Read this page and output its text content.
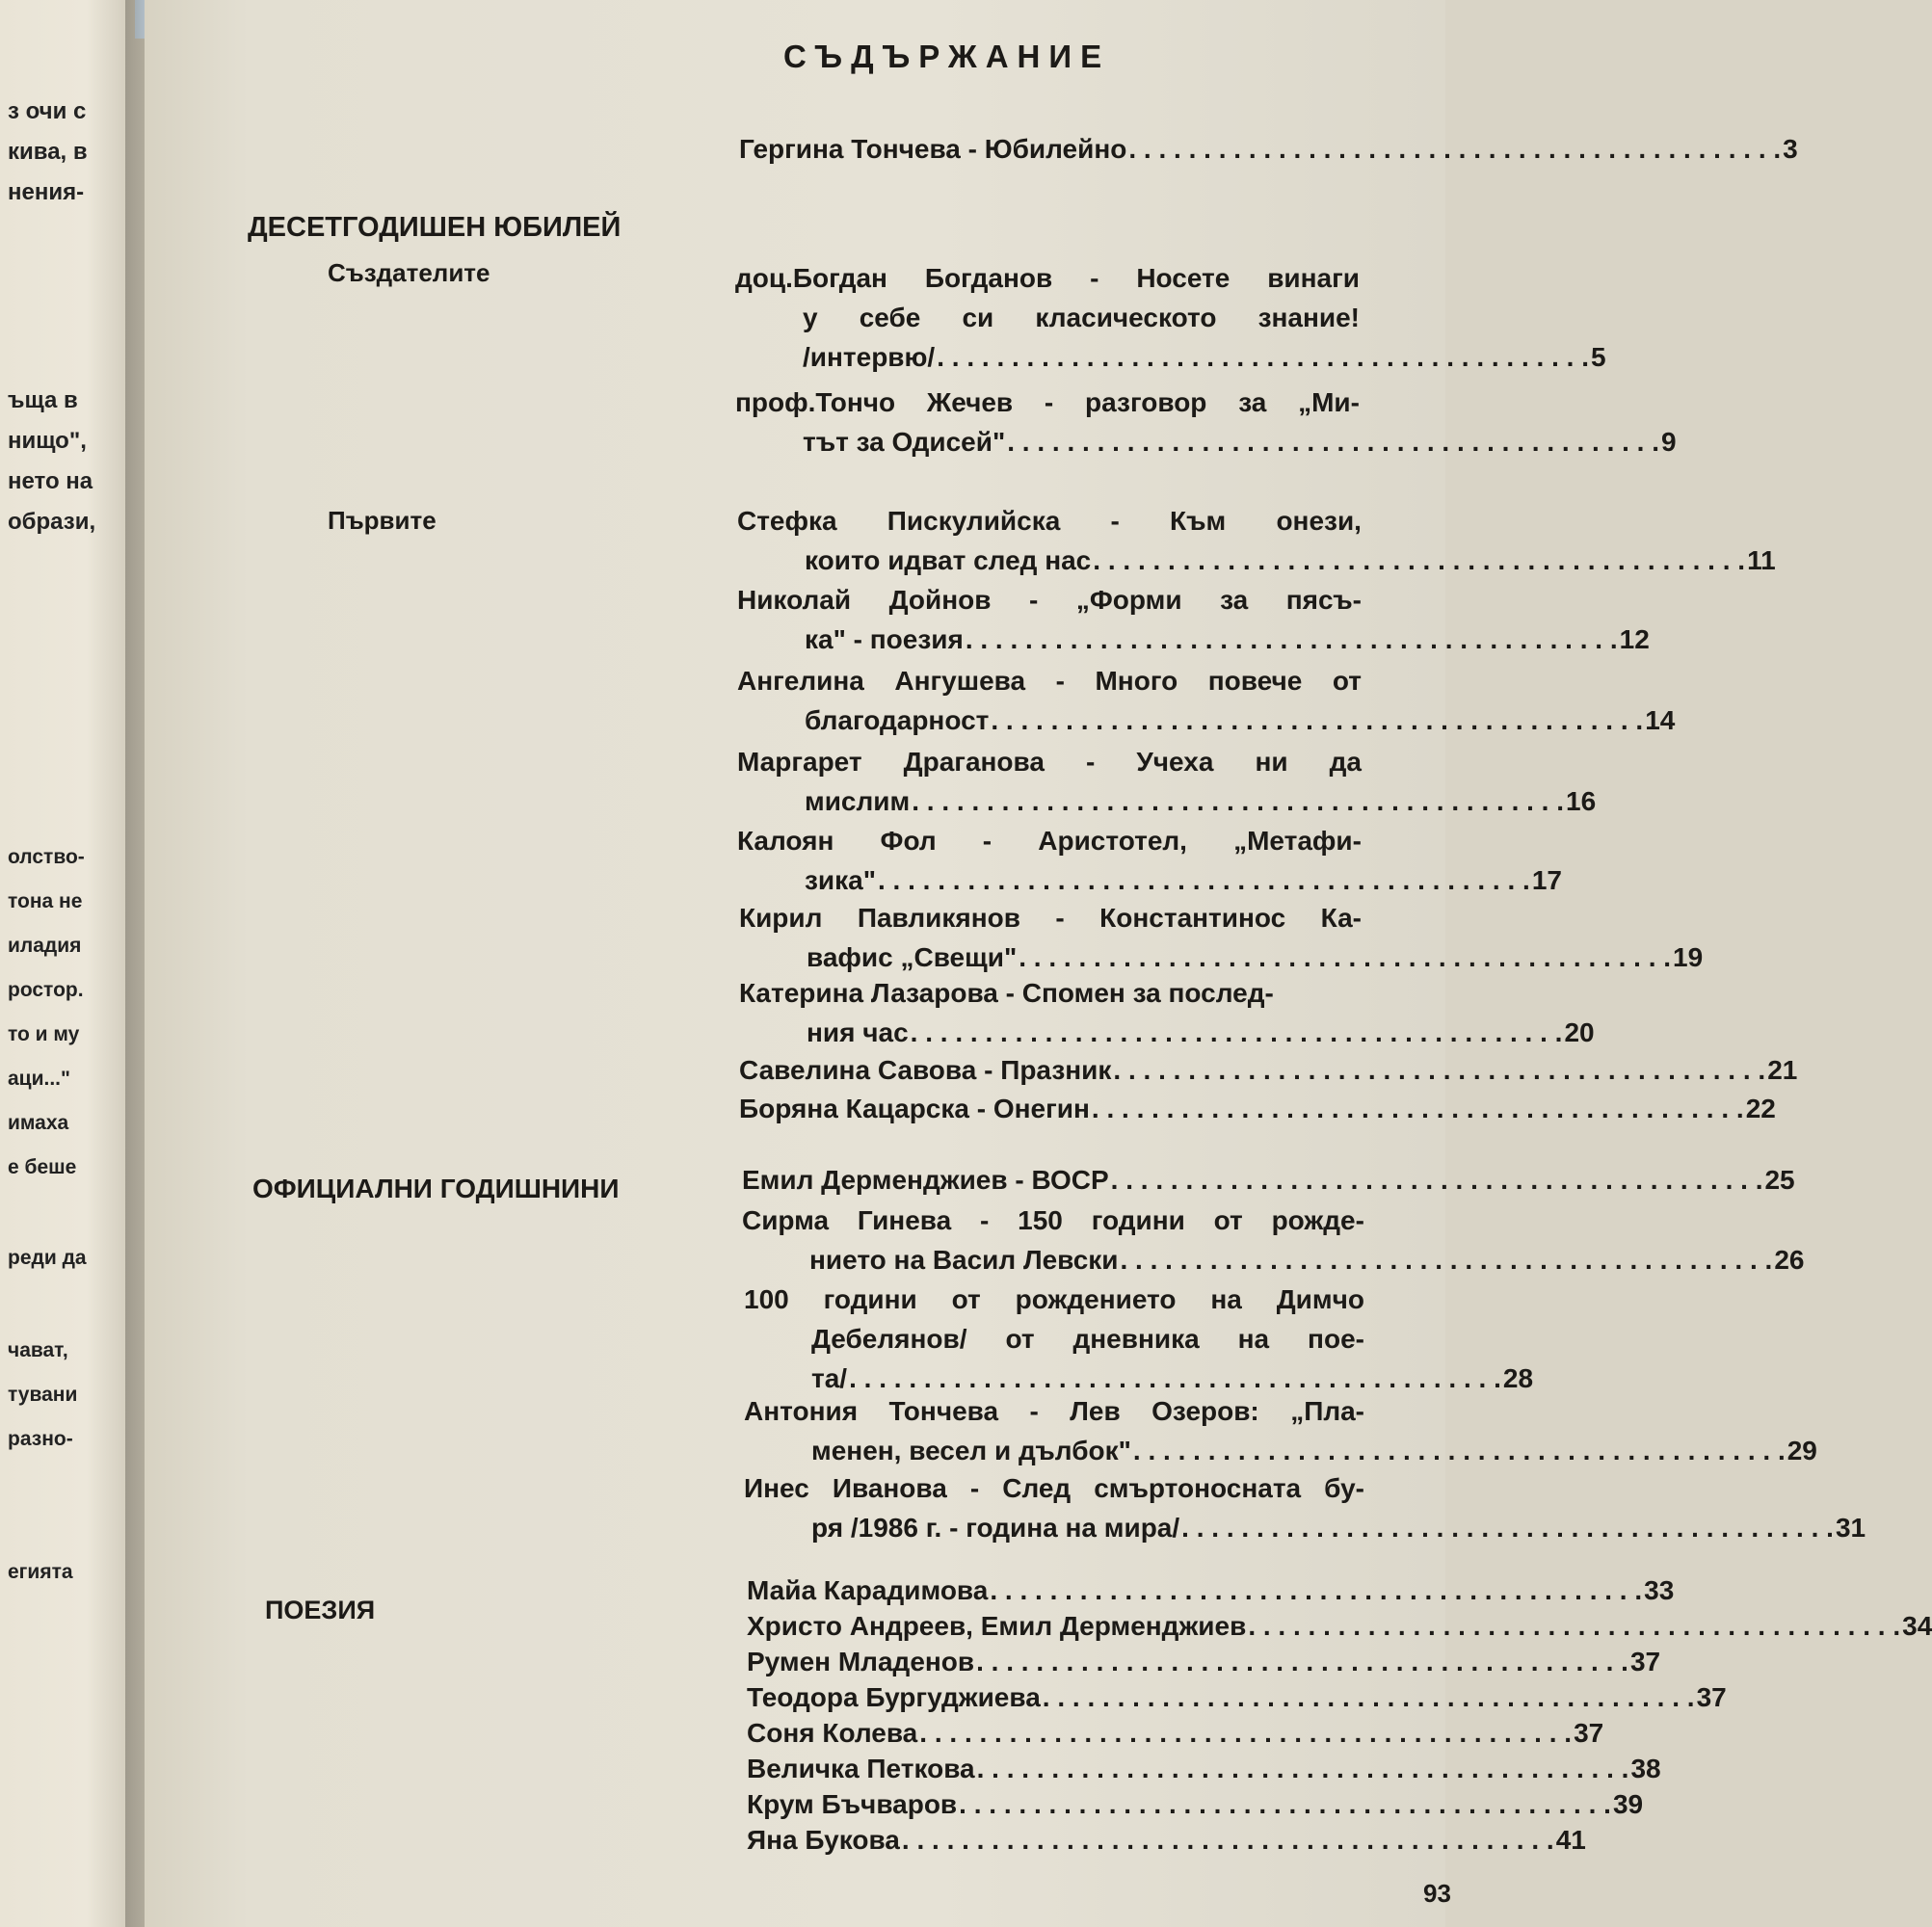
з очи с
кива, в
нения-
ъща в
нищо",
нето на
образи,
олство-
тона не
иладия
ростор.
то и му
аци..."
имаха
е беше
реди да
чават,
тувани
разно-
егията
СЪДЪРЖАНИЕ
Гергина Тончева - Юбилейно . . .	3
ДЕСЕТГОДИШЕН ЮБИЛЕЙ
Създателите	доц.Богдан Богданов - Носете винаги
у себе си класическото знание!
/интервю/ . . .	5
проф.Тончо Жечев - разговор за „Ми-
тът за Одисей" . . .	9
Първите	Стефка Пискулийска - Към онези,
които идват след нас . . .	11
Николай Дойнов - „Форми за пясъ-
ка" - поезия . . .	12
Ангелина Ангушева - Много повече от
благодарност . . .	14
Маргарет Драганова - Учеха ни да
мислим . . .	16
Калоян Фол - Аристотел, „Метафи-
зика" . . .	17
Кирил Павликянов - Константинос Ка-
вафис „Свещи" . . .	19
Катерина Лазарова - Спомен за послед-
ния час . . .	20
Савелина Савова - Празник . . .	21
Боряна Кацарска - Онегин . . .	22
ОФИЦИАЛНИ ГОДИШНИНИ	Емил Дерменджиев - ВОСР . . .	25
Сирма Гинева - 150 години от рожде-
нието на Васил Левски . . .	26
100 години от рождението на Димчо
Дебелянов/ от дневника на пое-
та/ . . .	28
Антония Тончева - Лев Озеров: „Пла-
менен, весел и дълбок" . . .	29
Инес Иванова - След смъртоносната бу-
ря /1986 г. - година на мира/ . . .	31
ПОЕЗИЯ
Майа Карадимова . . .	33
Христо Андреев, Емил Дерменджиев . . .	34
Румен Младенов . . .	37
Теодора Бургуджиева . . .	37
Соня Колева . . .	37
Величка Петкова . . .	38
Крум Бъчваров . . .	39
Яна Букова . . .	41
93
